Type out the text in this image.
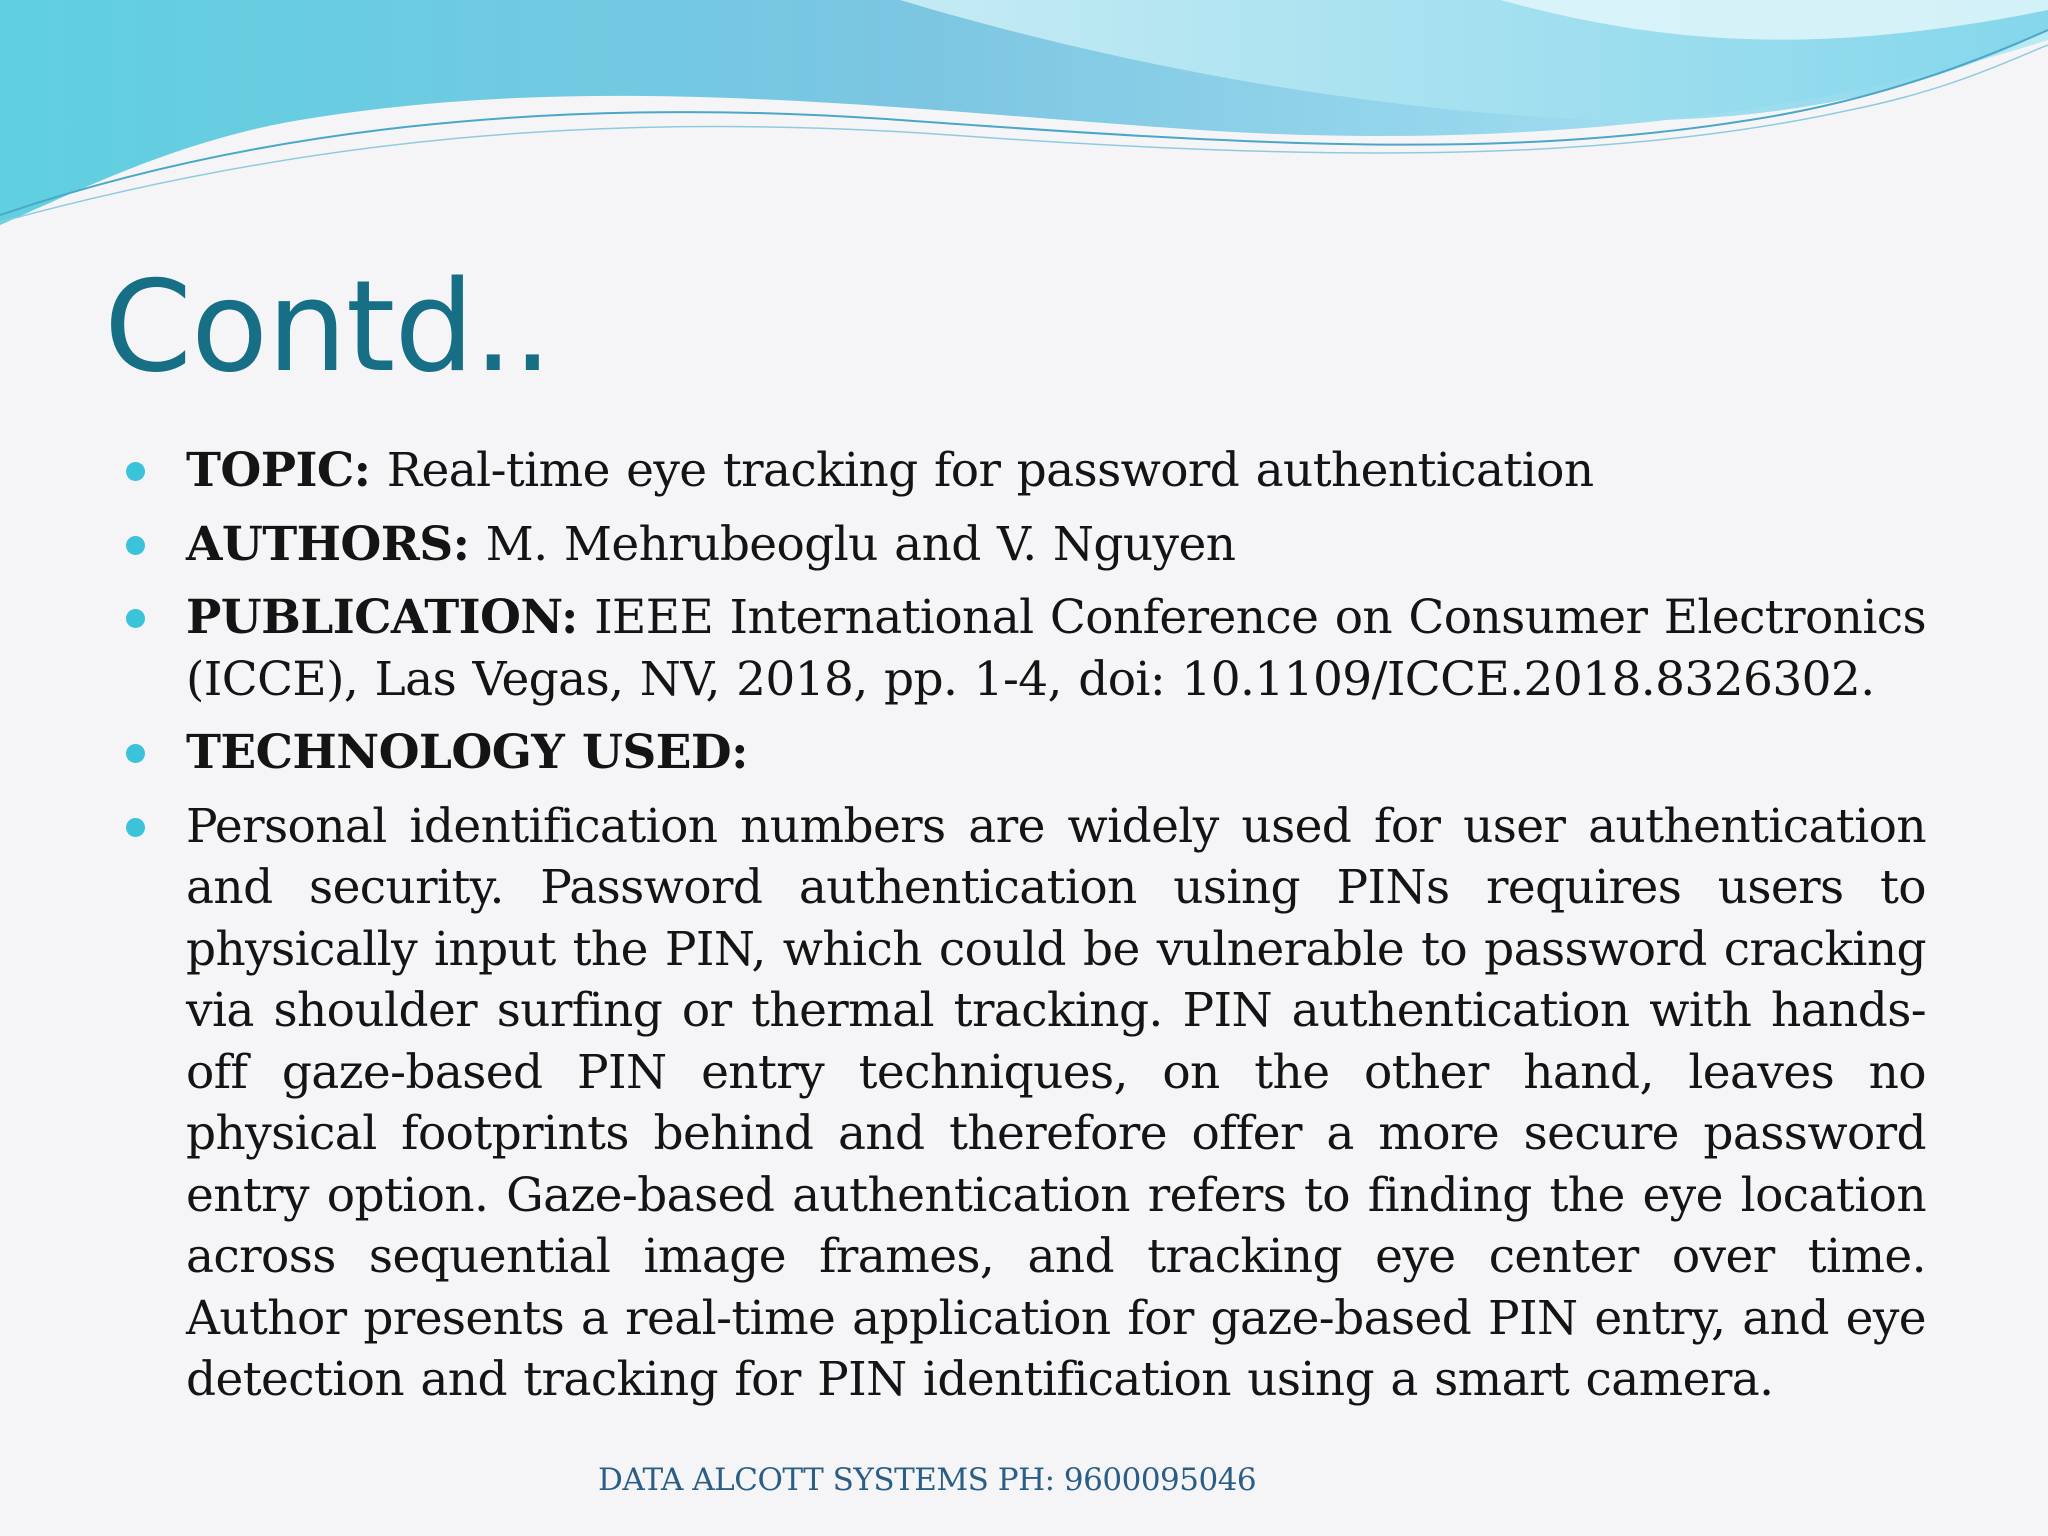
Contd..
TOPIC: Real-time eye tracking for password authentication
AUTHORS: M. Mehrubeoglu and V. Nguyen
PUBLICATION: IEEE International Conference on Consumer Electronics (ICCE), Las Vegas, NV, 2018, pp. 1-4, doi: 10.1109/ICCE.2018.8326302.
TECHNOLOGY USED:
Personal identification numbers are widely used for user authentication and security. Password authentication using PINs requires users to physically input the PIN, which could be vulnerable to password cracking via shoulder surfing or thermal tracking. PIN authentication with hands-off gaze-based PIN entry techniques, on the other hand, leaves no physical footprints behind and therefore offer a more secure password entry option. Gaze-based authentication refers to finding the eye location across sequential image frames, and tracking eye center over time. Author presents a real-time application for gaze-based PIN entry, and eye detection and tracking for PIN identification using a smart camera.
DATA ALCOTT SYSTEMS PH: 9600095046
